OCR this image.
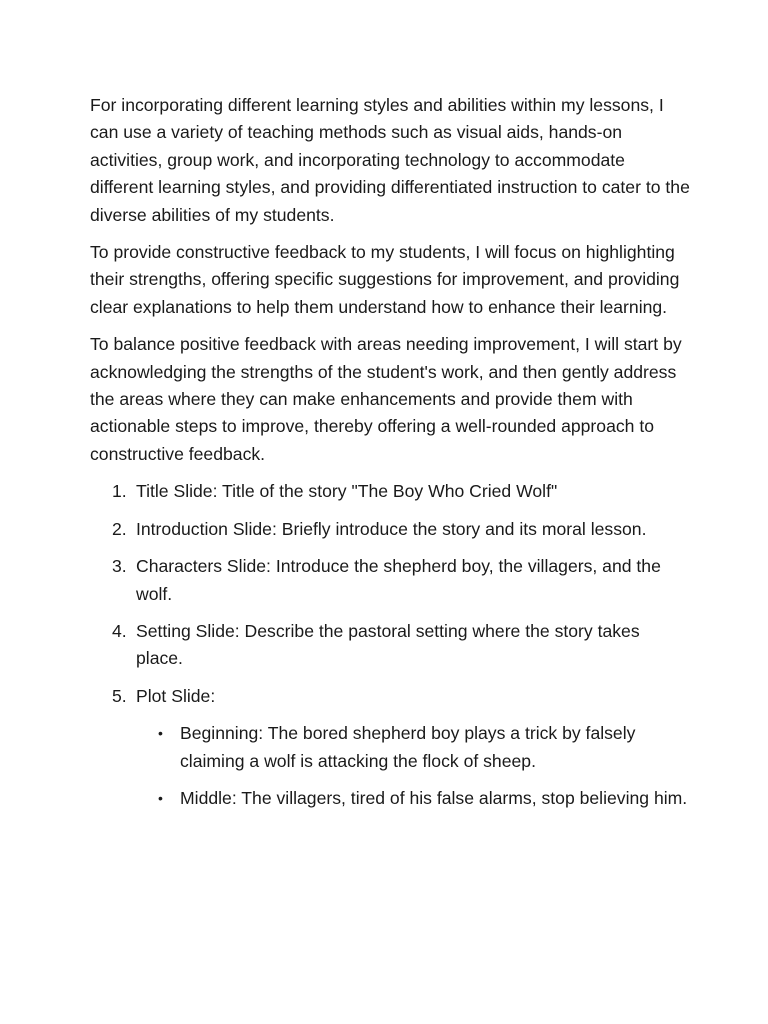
For incorporating different learning styles and abilities within my lessons, I can use a variety of teaching methods such as visual aids, hands-on activities, group work, and incorporating technology to accommodate different learning styles, and providing differentiated instruction to cater to the diverse abilities of my students.

To provide constructive feedback to my students, I will focus on highlighting their strengths, offering specific suggestions for improvement, and providing clear explanations to help them understand how to enhance their learning.

To balance positive feedback with areas needing improvement, I will start by acknowledging the strengths of the student's work, and then gently address the areas where they can make enhancements and provide them with actionable steps to improve, thereby offering a well-rounded approach to constructive feedback.

1. Title Slide: Title of the story "The Boy Who Cried Wolf"
2. Introduction Slide: Briefly introduce the story and its moral lesson.
3. Characters Slide: Introduce the shepherd boy, the villagers, and the wolf.
4. Setting Slide: Describe the pastoral setting where the story takes place.
5. Plot Slide:
• Beginning: The bored shepherd boy plays a trick by falsely claiming a wolf is attacking the flock of sheep.
• Middle: The villagers, tired of his false alarms, stop believing him.
